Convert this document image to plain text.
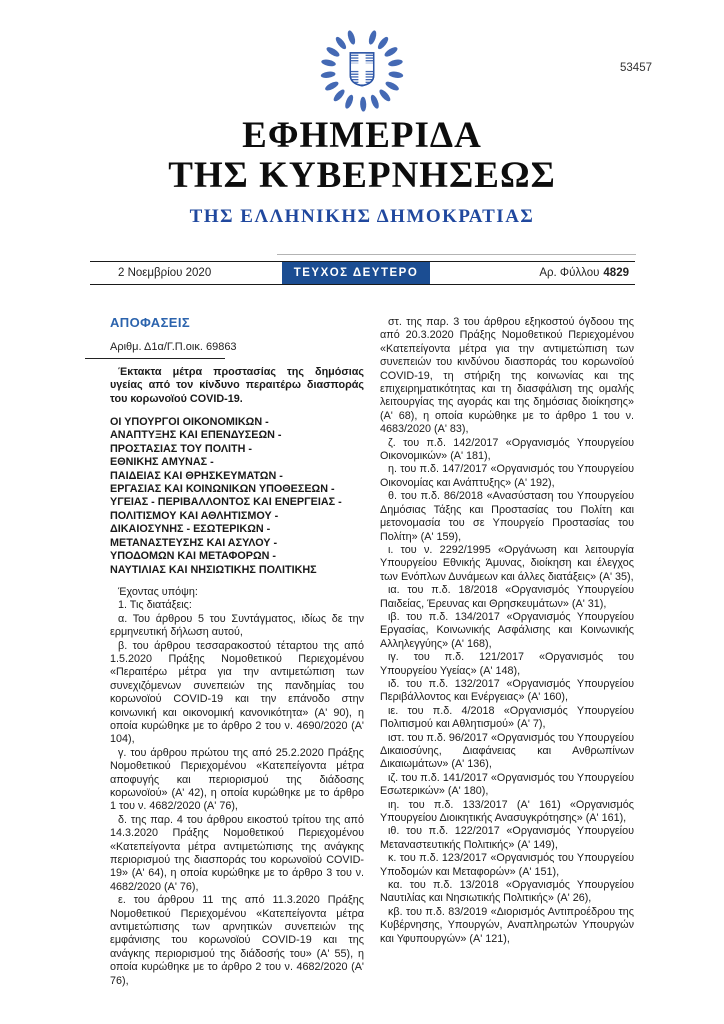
53457
ΕΦΗΜΕΡΙΔΑ
ΤΗΣ ΚΥΒΕΡΝΗΣΕΩΣ
ΤΗΣ ΕΛΛΗΝΙΚΗΣ ΔΗΜΟΚΡΑΤΙΑΣ
2 Νοεμβρίου 2020	ΤΕΥΧΟΣ ΔΕΥΤΕΡΟ	Αρ. Φύλλου 4829
ΑΠΟΦΑΣΕΙΣ
Αριθμ. Δ1α/Γ.Π.οικ. 69863
Έκτακτα μέτρα προστασίας της δημόσιας υγείας από τον κίνδυνο περαιτέρω διασποράς του κορωνοϊού COVID-19.
ΟΙ ΥΠΟΥΡΓΟΙ ΟΙΚΟΝΟΜΙΚΩΝ -
ΑΝΑΠΤΥΞΗΣ ΚΑΙ ΕΠΕΝΔΥΣΕΩΝ -
ΠΡΟΣΤΑΣΙΑΣ ΤΟΥ ΠΟΛΙΤΗ -
ΕΘΝΙΚΗΣ ΑΜΥΝΑΣ -
ΠΑΙΔΕΙΑΣ ΚΑΙ ΘΡΗΣΚΕΥΜΑΤΩΝ -
ΕΡΓΑΣΙΑΣ ΚΑΙ ΚΟΙΝΩΝΙΚΩΝ ΥΠΟΘΕΣΕΩΝ -
ΥΓΕΙΑΣ - ΠΕΡΙΒΑΛΛΟΝΤΟΣ ΚΑΙ ΕΝΕΡΓΕΙΑΣ -
ΠΟΛΙΤΙΣΜΟΥ ΚΑΙ ΑΘΛΗΤΙΣΜΟΥ -
ΔΙΚΑΙΟΣΥΝΗΣ - ΕΣΩΤΕΡΙΚΩΝ -
ΜΕΤΑΝΑΣΤΕΥΣΗΣ ΚΑΙ ΑΣΥΛΟΥ -
ΥΠΟΔΟΜΩΝ ΚΑΙ ΜΕΤΑΦΟΡΩΝ -
ΝΑΥΤΙΛΙΑΣ ΚΑΙ ΝΗΣΙΩΤΙΚΗΣ ΠΟΛΙΤΙΚΗΣ

Έχοντας υπόψη:

1. Τις διατάξεις:

α. Του άρθρου 5 του Συντάγματος, ιδίως δε την ερμηνευτική δήλωση αυτού,

β. του άρθρου τεσσαρακοστού τέταρτου της από 1.5.2020 Πράξης Νομοθετικού Περιεχομένου «Περαιτέρω μέτρα για την αντιμετώπιση των συνεχιζόμενων συνεπειών της πανδημίας του κορωνοϊού COVID-19 και την επάνοδο στην κοινωνική και οικονομική κανονικότητα» (Α' 90), η οποία κυρώθηκε με το άρθρο 2 του ν. 4690/2020 (Α' 104),

γ. του άρθρου πρώτου της από 25.2.2020 Πράξης Νομοθετικού Περιεχομένου «Κατεπείγοντα μέτρα αποφυγής και περιορισμού της διάδοσης κορωνοϊού» (Α' 42), η οποία κυρώθηκε με το άρθρο 1 του ν. 4682/2020 (Α' 76),

δ. της παρ. 4 του άρθρου εικοστού τρίτου της από 14.3.2020 Πράξης Νομοθετικού Περιεχομένου «Κατεπείγοντα μέτρα αντιμετώπισης της ανάγκης περιορισμού της διασποράς του κορωνοϊού COVID-19» (Α' 64), η οποία κυρώθηκε με το άρθρο 3 του ν. 4682/2020 (Α' 76),

ε. του άρθρου 11 της από 11.3.2020 Πράξης Νομοθετικού Περιεχομένου «Κατεπείγοντα μέτρα αντιμετώπισης των αρνητικών συνεπειών της εμφάνισης του κορωνοϊού COVID-19 και της ανάγκης περιορισμού της διάδοσής του» (Α' 55), η οποία κυρώθηκε με το άρθρο 2 του ν. 4682/2020 (Α' 76),

στ. της παρ. 3 του άρθρου εξηκοστού όγδοου της από 20.3.2020 Πράξης Νομοθετικού Περιεχομένου «Κατεπείγοντα μέτρα για την αντιμετώπιση των συνεπειών του κινδύνου διασποράς του κορωνοϊού COVID-19, τη στήριξη της κοινωνίας και της επιχειρηματικότητας και τη διασφάλιση της ομαλής λειτουργίας της αγοράς και της δημόσιας διοίκησης» (Α' 68), η οποία κυρώθηκε με το άρθρο 1 του ν. 4683/2020 (Α' 83),

ζ. του π.δ. 142/2017 «Οργανισμός Υπουργείου Οικονομικών» (Α' 181),

η. του π.δ. 147/2017 «Οργανισμός του Υπουργείου Οικονομίας και Ανάπτυξης» (Α' 192),

θ. του π.δ. 86/2018 «Ανασύσταση του Υπουργείου Δημόσιας Τάξης και Προστασίας του Πολίτη και μετονομασία του σε Υπουργείο Προστασίας του Πολίτη» (Α' 159),

ι. του ν. 2292/1995 «Οργάνωση και λειτουργία Υπουργείου Εθνικής Άμυνας, διοίκηση και έλεγχος των Ενόπλων Δυνάμεων και άλλες διατάξεις» (Α' 35),

ια. του π.δ. 18/2018 «Οργανισμός Υπουργείου Παιδείας, Έρευνας και Θρησκευμάτων» (Α' 31),

ιβ. του π.δ. 134/2017 «Οργανισμός Υπουργείου Εργασίας, Κοινωνικής Ασφάλισης και Κοινωνικής Αλληλεγγύης» (Α' 168),

ιγ. του π.δ. 121/2017 «Οργανισμός του Υπουργείου Υγείας» (Α' 148),

ιδ. του π.δ. 132/2017 «Οργανισμός Υπουργείου Περιβάλλοντος και Ενέργειας» (Α' 160),

ιε. του π.δ. 4/2018 «Οργανισμός Υπουργείου Πολιτισμού και Αθλητισμού» (Α' 7),

ιστ. του π.δ. 96/2017 «Οργανισμός του Υπουργείου Δικαιοσύνης, Διαφάνειας και Ανθρωπίνων Δικαιωμάτων» (Α' 136),

ιζ. του π.δ. 141/2017 «Οργανισμός του Υπουργείου Εσωτερικών» (Α' 180),

ιη. του π.δ. 133/2017 (Α' 161) «Οργανισμός Υπουργείου Διοικητικής Ανασυγκρότησης» (Α' 161),

ιθ. του π.δ. 122/2017 «Οργανισμός Υπουργείου Μεταναστευτικής Πολιτικής» (Α' 149),

κ. του π.δ. 123/2017 «Οργανισμός του Υπουργείου Υποδομών και Μεταφορών» (Α' 151),

κα. του π.δ. 13/2018 «Οργανισμός Υπουργείου Ναυτιλίας και Νησιωτικής Πολιτικής» (Α' 26),

κβ. του π.δ. 83/2019 «Διορισμός Αντιπροέδρου της Κυβέρνησης, Υπουργών, Αναπληρωτών Υπουργών και Υφυπουργών» (Α' 121),
